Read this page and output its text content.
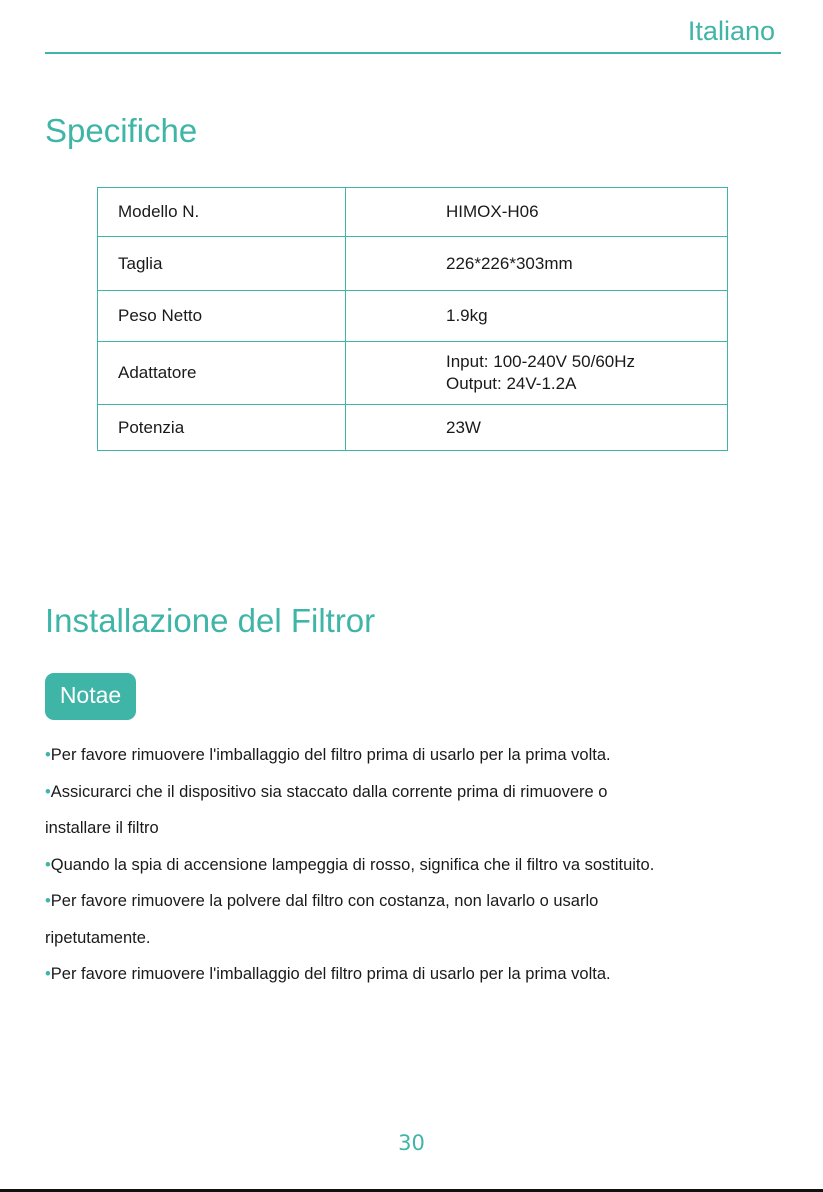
Italiano
Specifiche
Modello N.	HIMOX-H06

Taglia	226*226*303mm

Peso Netto	1.9kg

Adattatore	Input: 100-240V 50/60Hz
Output: 24V-1.2A

Potenzia	23W
Installazione del Filtror
Notae
•Per favore rimuovere l'imballaggio del filtro prima di usarlo per la prima volta.
•Assicurarci che il dispositivo sia staccato dalla corrente prima di rimuovere o
installare il filtro
•Quando la spia di accensione lampeggia di rosso, significa che il filtro va sostituito.
•Per favore rimuovere la polvere dal filtro con costanza, non lavarlo o usarlo
ripetutamente.
•Per favore rimuovere l'imballaggio del filtro prima di usarlo per la prima volta.
30
